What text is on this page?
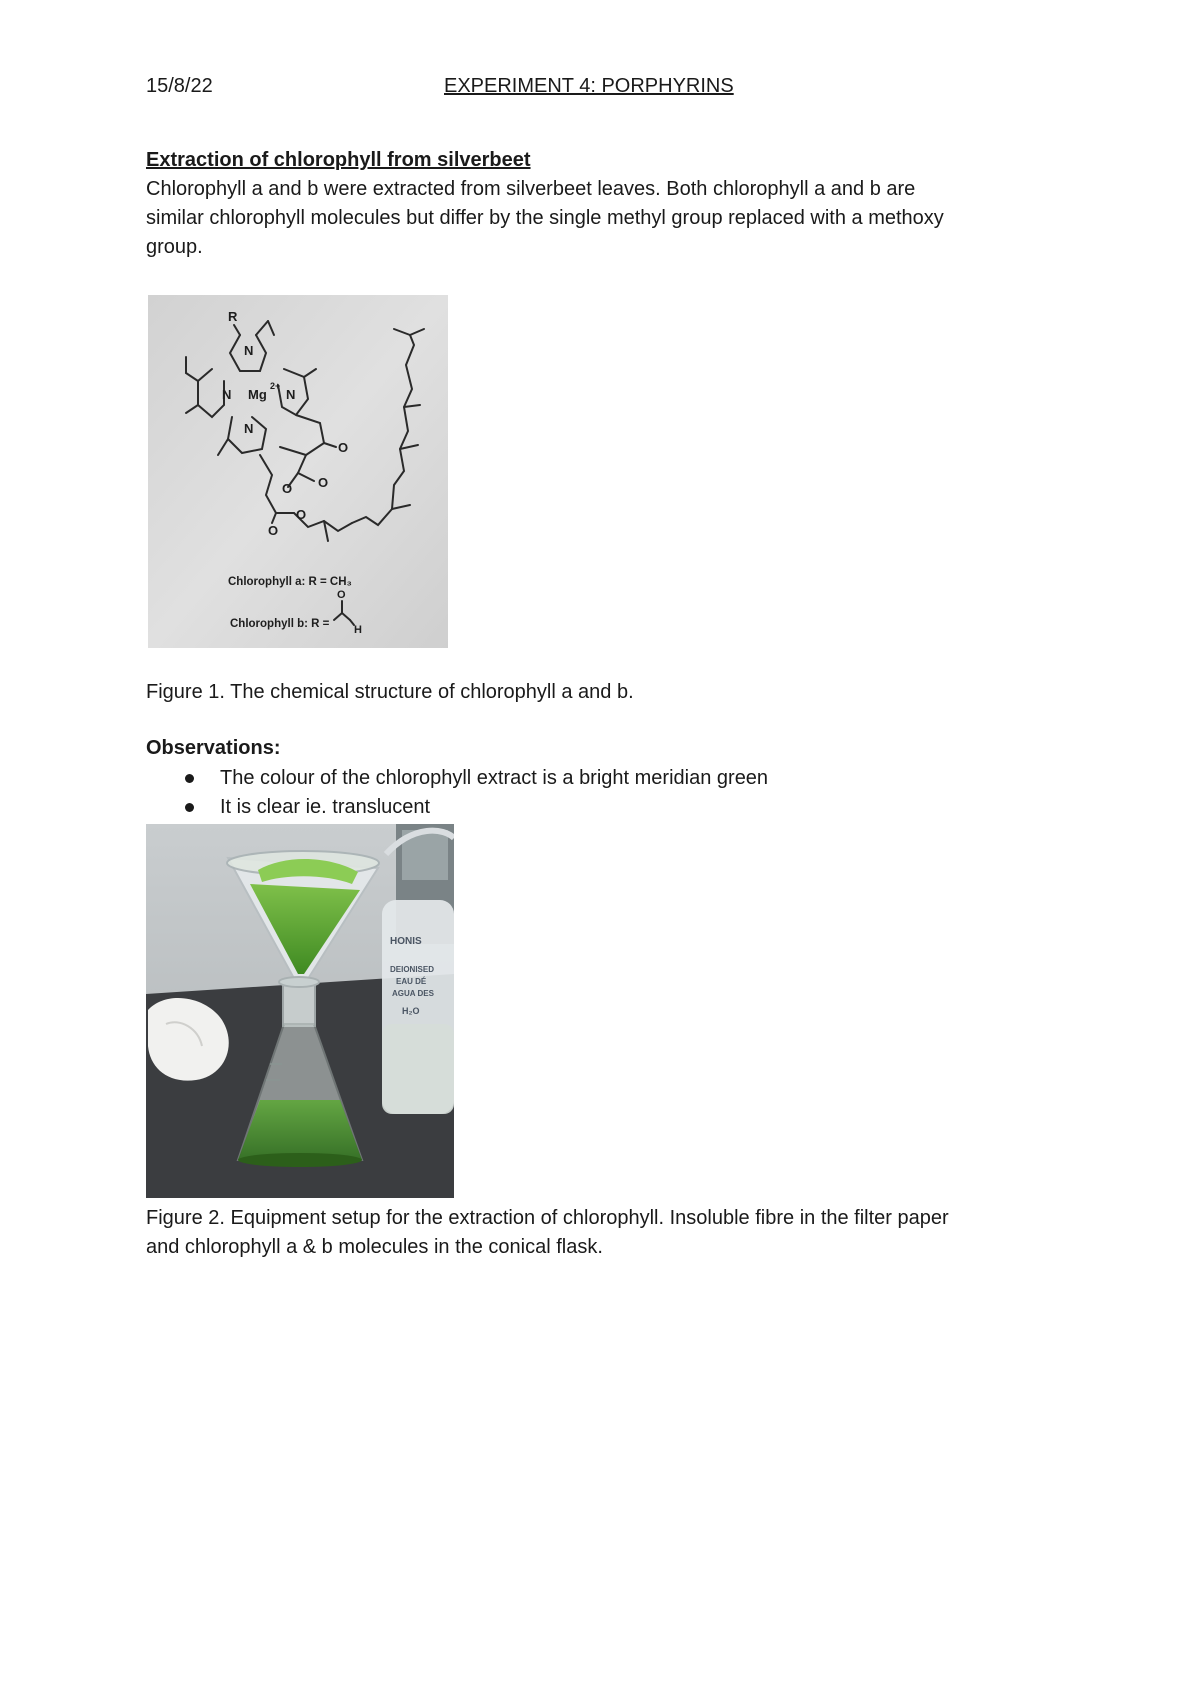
15/8/22	EXPERIMENT 4: PORPHYRINS
Extraction of chlorophyll from silverbeet
Chlorophyll a and b were extracted from silverbeet leaves. Both chlorophyll a and b are
similar chlorophyll molecules but differ by the single methyl group replaced with a methoxy
group.
R
N
N Mg
2+
N
N
O
O O
O
O
O
H
Chlorophyll a: R = CH₃
Chlorophyll b: R =
Figure 1. The chemical structure of chlorophyll a and b.
Observations:
The colour of the chlorophyll extract is a bright meridian green
It is clear ie. translucent
HONIS
DEIONISED
EAU DÉ
AGUA DES
H₂O
Figure 2. Equipment setup for the extraction of chlorophyll. Insoluble fibre in the filter paper
and chlorophyll a & b molecules in the conical flask.
